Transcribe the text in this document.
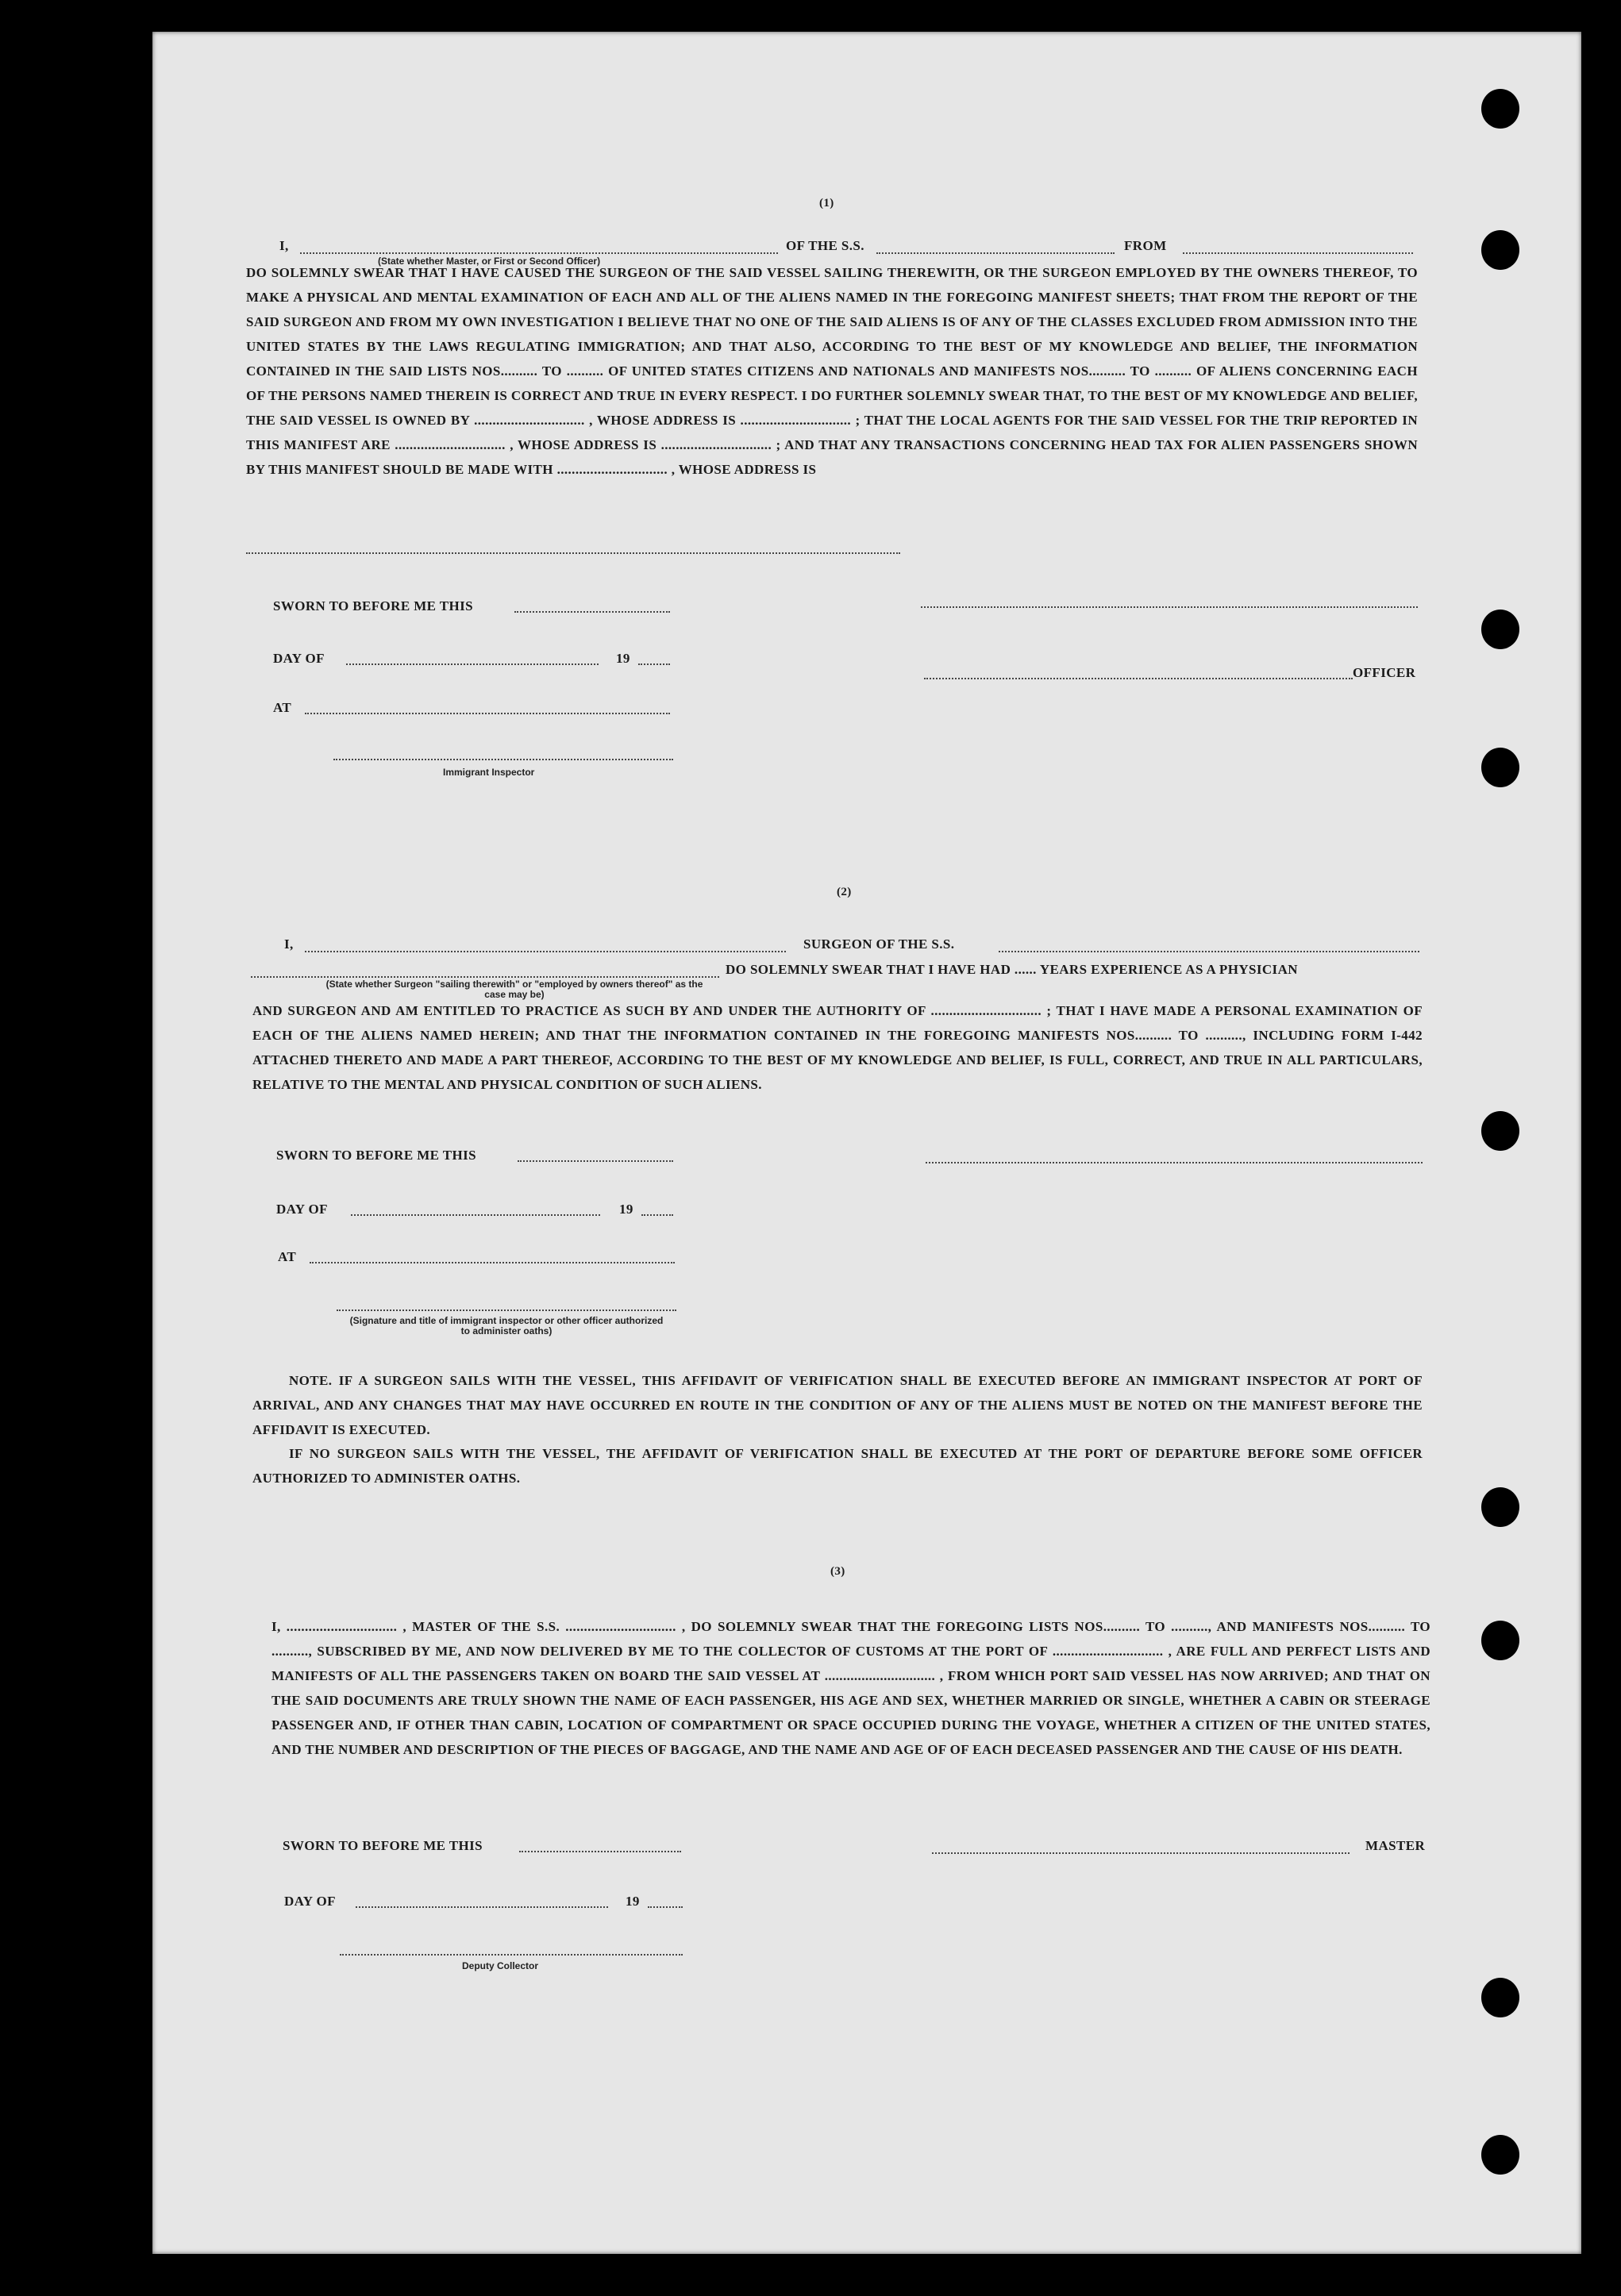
(1)
I,	OF THE S.S.	FROM
(State whether Master, or First or Second Officer)
DO SOLEMNLY SWEAR THAT I HAVE CAUSED THE SURGEON OF THE SAID VESSEL SAILING THEREWITH, OR THE SURGEON EMPLOYED BY THE OWNERS THEREOF, TO MAKE A PHYSICAL AND MENTAL EXAMINATION OF EACH AND ALL OF THE ALIENS NAMED IN THE FOREGOING MANIFEST SHEETS; THAT FROM THE REPORT OF THE SAID SURGEON AND FROM MY OWN INVESTIGATION I BELIEVE THAT NO ONE OF THE SAID ALIENS IS OF ANY OF THE CLASSES EXCLUDED FROM ADMISSION INTO THE UNITED STATES BY THE LAWS REGULATING IMMIGRATION; AND THAT ALSO, ACCORDING TO THE BEST OF MY KNOWLEDGE AND BELIEF, THE INFORMATION CONTAINED IN THE SAID LISTS NOS.......... TO .......... OF UNITED STATES CITIZENS AND NATIONALS AND MANIFESTS NOS.......... TO .......... OF ALIENS CONCERNING EACH OF THE PERSONS NAMED THEREIN IS CORRECT AND TRUE IN EVERY RESPECT. I DO FURTHER SOLEMNLY SWEAR THAT, TO THE BEST OF MY KNOWLEDGE AND BELIEF, THE SAID VESSEL IS OWNED BY .............................. , WHOSE ADDRESS IS .............................. ; THAT THE LOCAL AGENTS FOR THE SAID VESSEL FOR THE TRIP REPORTED IN THIS MANIFEST ARE .............................. , WHOSE ADDRESS IS .............................. ; AND THAT ANY TRANSACTIONS CONCERNING HEAD TAX FOR ALIEN PASSENGERS SHOWN BY THIS MANIFEST SHOULD BE MADE WITH .............................. , WHOSE ADDRESS IS
SWORN TO BEFORE ME THIS
DAY OF	19
OFFICER
AT
Immigrant Inspector
(2)
I,	SURGEON OF THE S.S.
DO SOLEMNLY SWEAR THAT I HAVE HAD ...... YEARS EXPERIENCE AS A PHYSICIAN
(State whether Surgeon "sailing therewith" or "employed by owners thereof" as the case may be)
AND SURGEON AND AM ENTITLED TO PRACTICE AS SUCH BY AND UNDER THE AUTHORITY OF .............................. ; THAT I HAVE MADE A PERSONAL EXAMINATION OF EACH OF THE ALIENS NAMED HEREIN; AND THAT THE INFORMATION CONTAINED IN THE FOREGOING MANIFESTS NOS.......... TO .........., INCLUDING FORM I-442 ATTACHED THERETO AND MADE A PART THEREOF, ACCORDING TO THE BEST OF MY KNOWLEDGE AND BELIEF, IS FULL, CORRECT, AND TRUE IN ALL PARTICULARS, RELATIVE TO THE MENTAL AND PHYSICAL CONDITION OF SUCH ALIENS.
SWORN TO BEFORE ME THIS
DAY OF	19
AT
(Signature and title of immigrant inspector or other officer authorized to administer oaths)
NOTE. IF A SURGEON SAILS WITH THE VESSEL, THIS AFFIDAVIT OF VERIFICATION SHALL BE EXECUTED BEFORE AN IMMIGRANT INSPECTOR AT PORT OF ARRIVAL, AND ANY CHANGES THAT MAY HAVE OCCURRED EN ROUTE IN THE CONDITION OF ANY OF THE ALIENS MUST BE NOTED ON THE MANIFEST BEFORE THE AFFIDAVIT IS EXECUTED.
IF NO SURGEON SAILS WITH THE VESSEL, THE AFFIDAVIT OF VERIFICATION SHALL BE EXECUTED AT THE PORT OF DEPARTURE BEFORE SOME OFFICER AUTHORIZED TO ADMINISTER OATHS.
(3)
I, .............................. , MASTER OF THE S.S. .............................. , DO SOLEMNLY SWEAR THAT THE FOREGOING LISTS NOS.......... TO .........., AND MANIFESTS NOS.......... TO .........., SUBSCRIBED BY ME, AND NOW DELIVERED BY ME TO THE COLLECTOR OF CUSTOMS AT THE PORT OF .............................. , ARE FULL AND PERFECT LISTS AND MANIFESTS OF ALL THE PASSENGERS TAKEN ON BOARD THE SAID VESSEL AT .............................. , FROM WHICH PORT SAID VESSEL HAS NOW ARRIVED; AND THAT ON THE SAID DOCUMENTS ARE TRULY SHOWN THE NAME OF EACH PASSENGER, HIS AGE AND SEX, WHETHER MARRIED OR SINGLE, WHETHER A CABIN OR STEERAGE PASSENGER AND, IF OTHER THAN CABIN, LOCATION OF COMPARTMENT OR SPACE OCCUPIED DURING THE VOYAGE, WHETHER A CITIZEN OF THE UNITED STATES, AND THE NUMBER AND DESCRIPTION OF THE PIECES OF BAGGAGE, AND THE NAME AND AGE OF OF EACH DECEASED PASSENGER AND THE CAUSE OF HIS DEATH.
SWORN TO BEFORE ME THIS	MASTER
DAY OF	19
Deputy Collector
